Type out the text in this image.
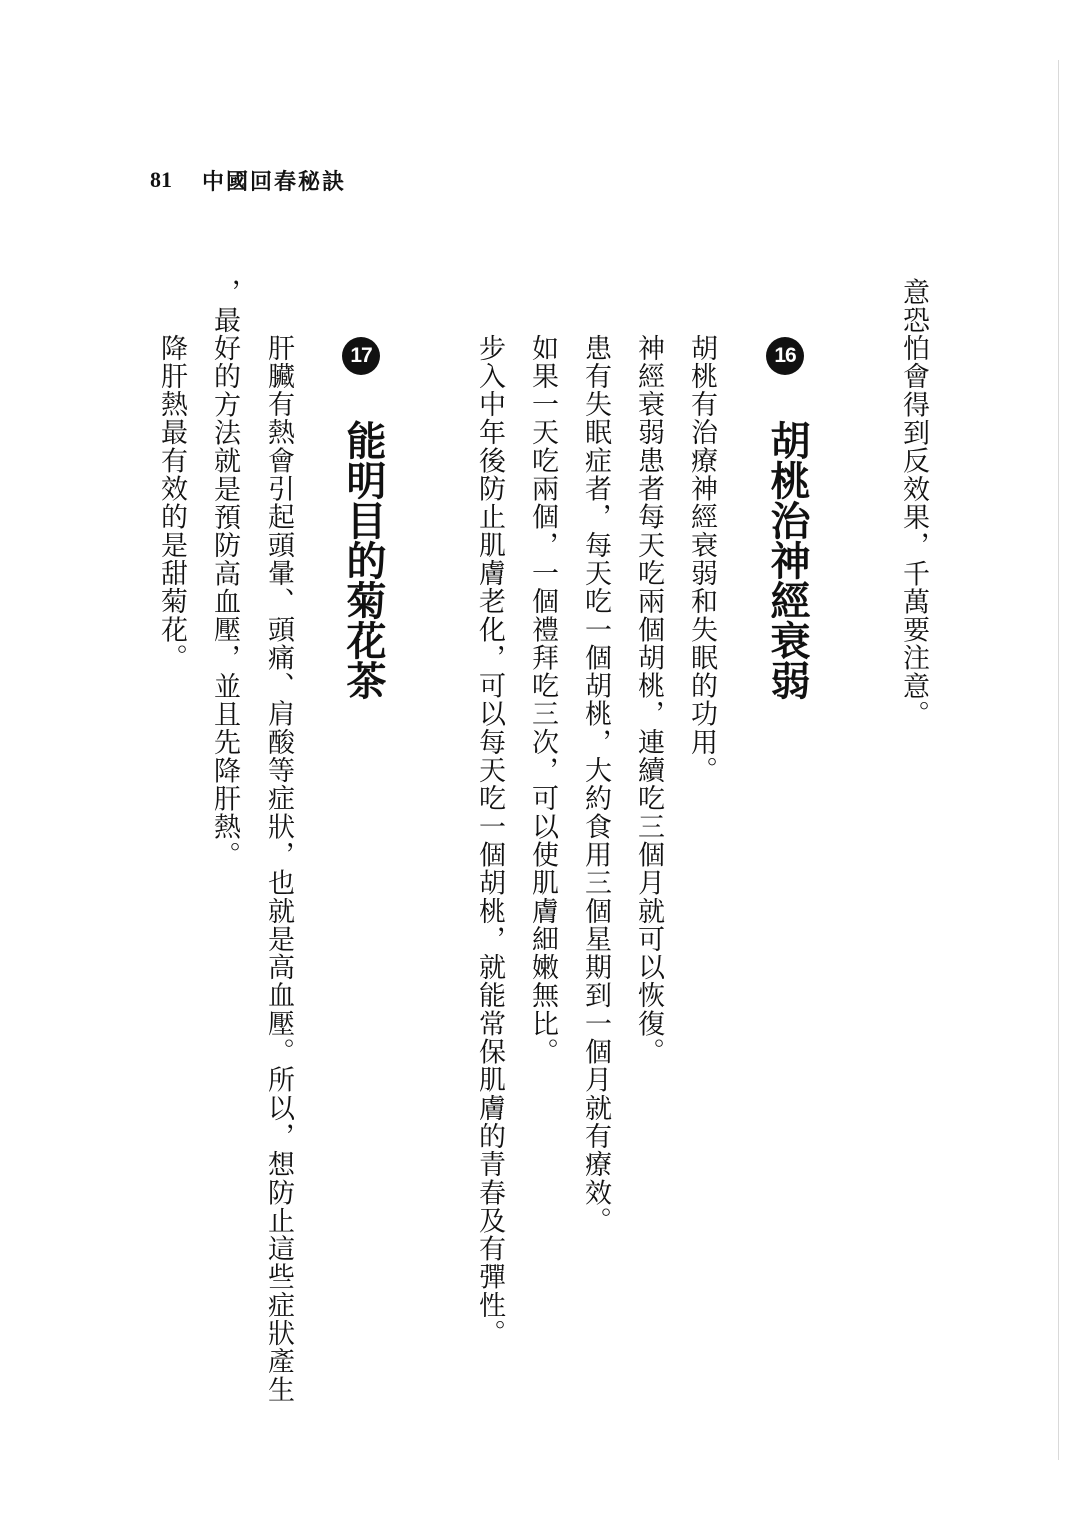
81 中國回春秘訣
意恐怕會得到反效果，千萬要注意。
16
胡桃治神經衰弱
胡桃有治療神經衰弱和失眠的功用。
神經衰弱患者每天吃兩個胡桃，連續吃三個月就可以恢復。
患有失眠症者，每天吃一個胡桃，大約食用三個星期到一個月就有療效。
如果一天吃兩個，一個禮拜吃三次，可以使肌膚細嫩無比。
步入中年後防止肌膚老化，可以每天吃一個胡桃，就能常保肌膚的青春及有彈性。
17
能明目的菊花茶
肝臟有熱會引起頭暈、頭痛、肩酸等症狀，也就是高血壓。所以，想防止這些症狀產生
，最好的方法就是預防高血壓，並且先降肝熱。
降肝熱最有效的是甜菊花。
